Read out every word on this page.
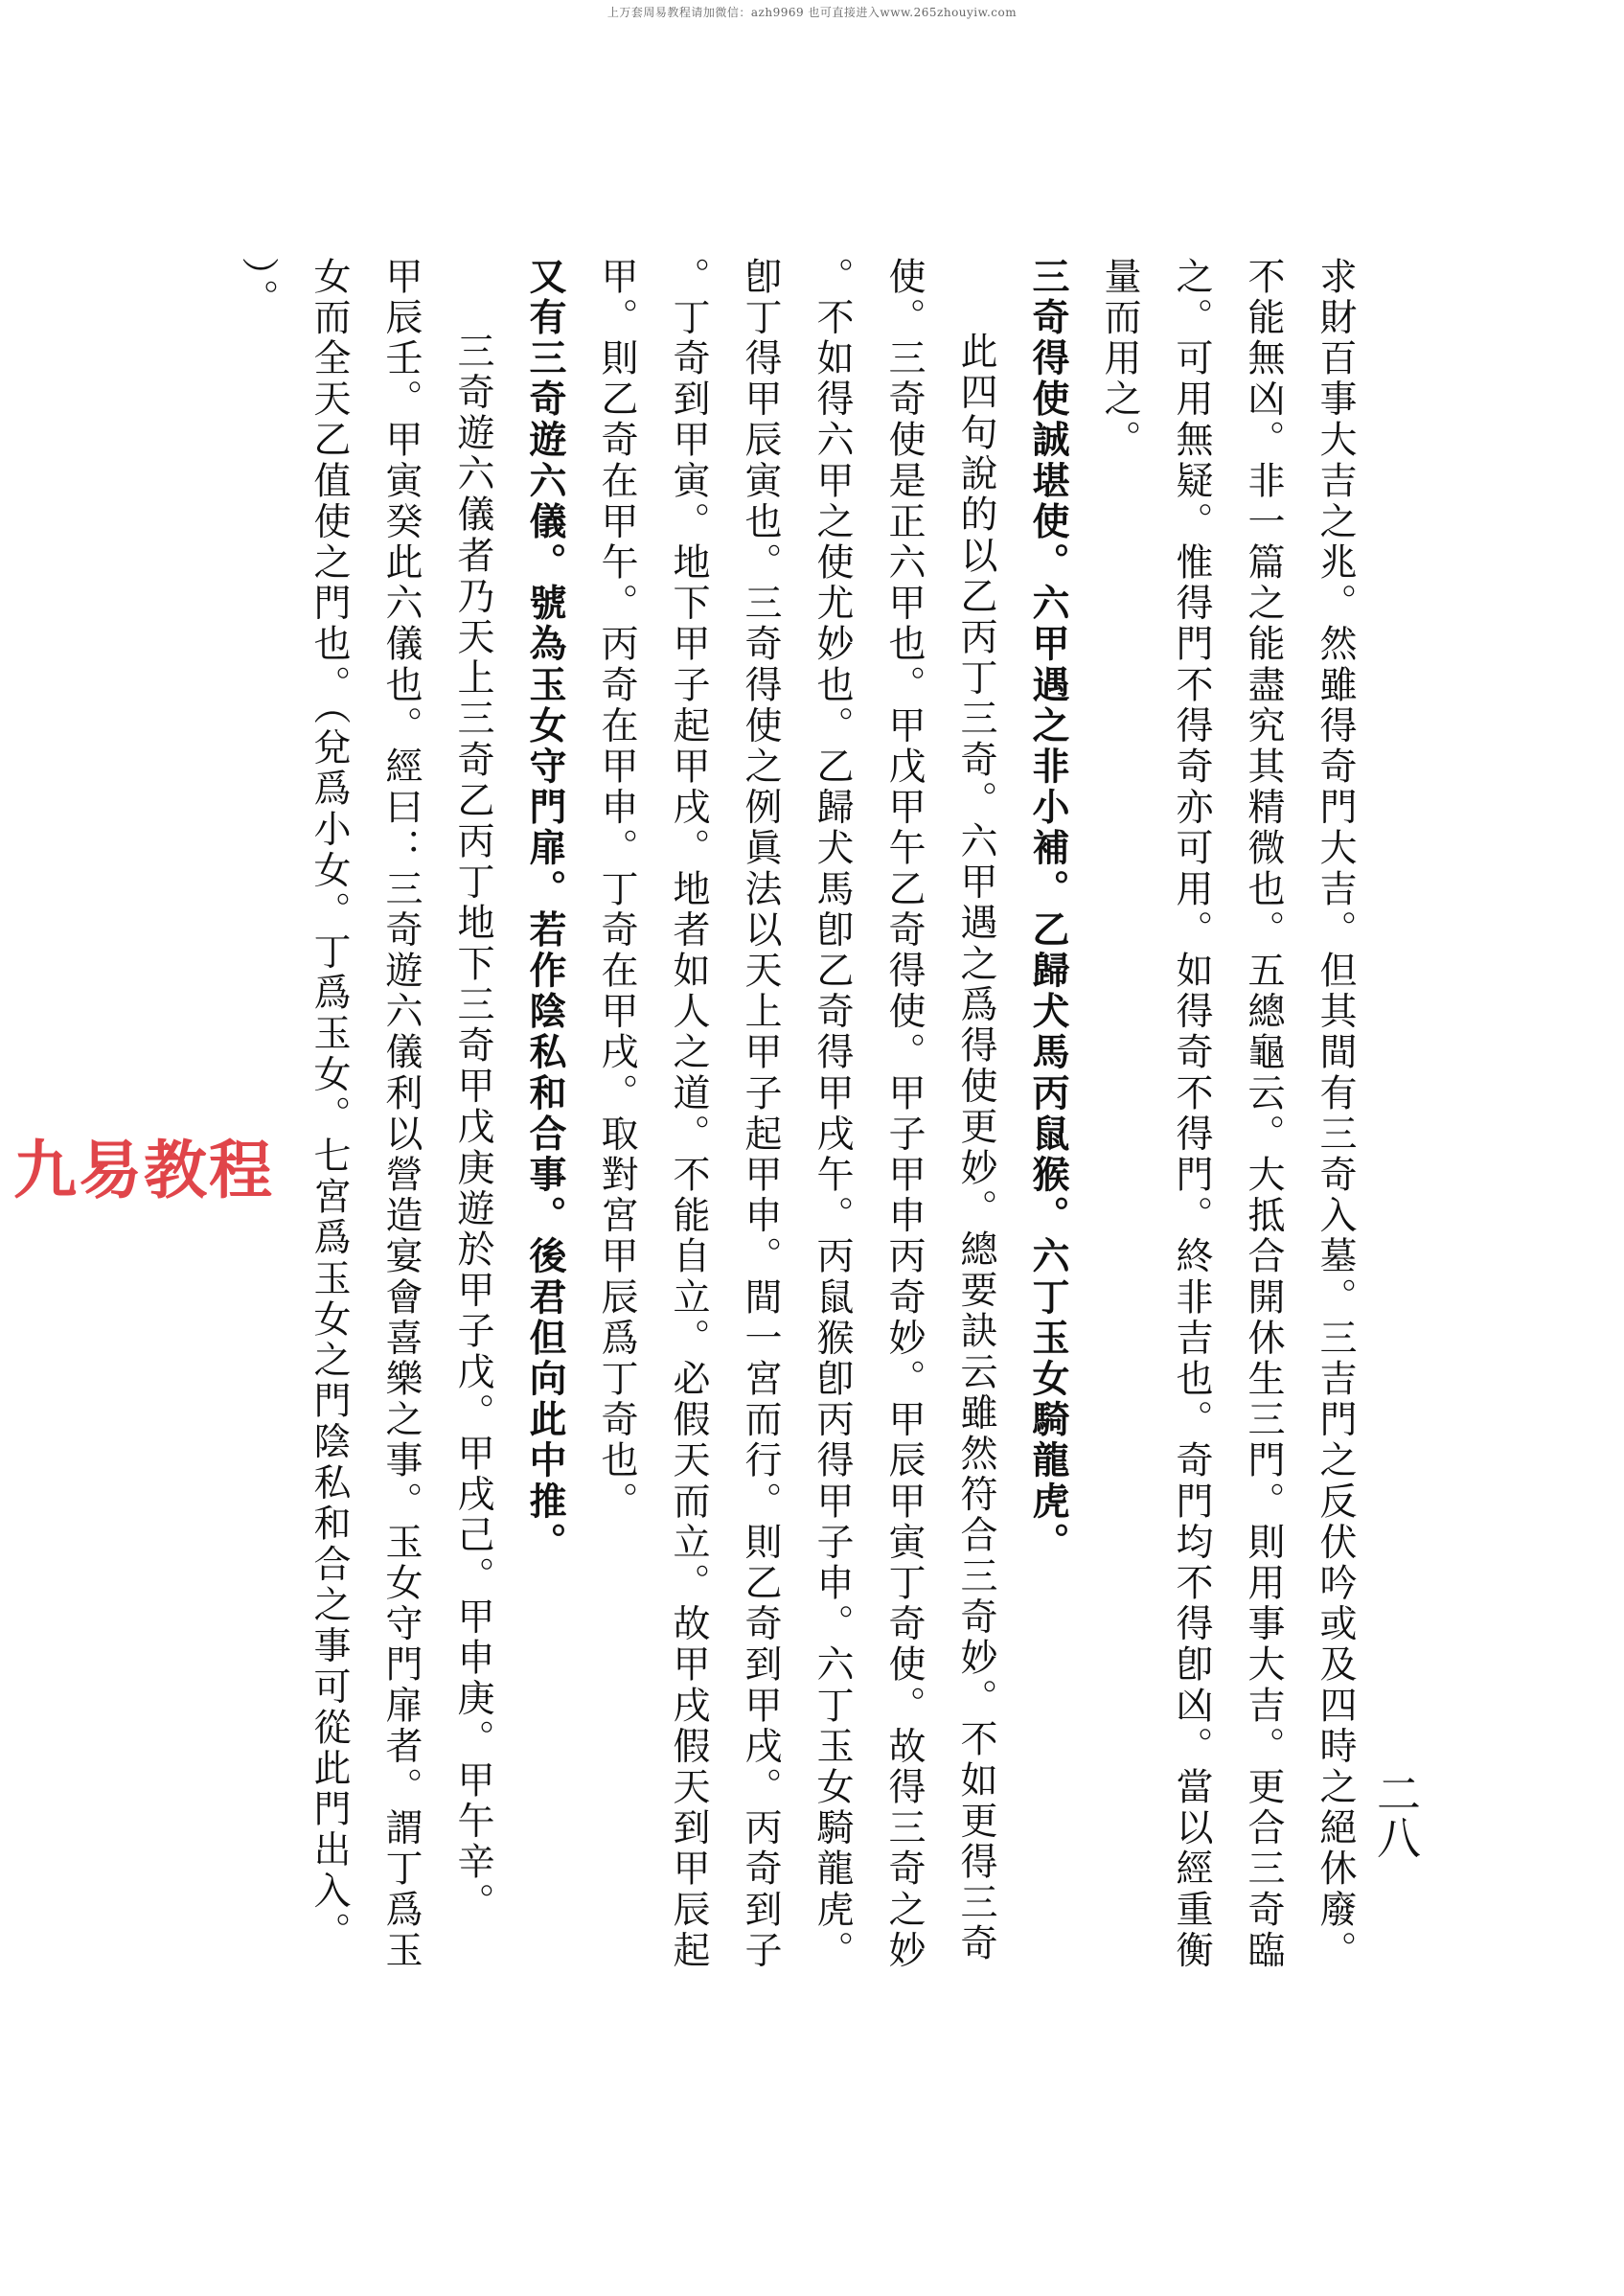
上万套周易教程请加微信：azh9969 也可直接进入www.265zhouyiw.com
二八
九易教程	求財百事大吉之兆。然雖得奇門大吉。但其間有三奇入墓。三吉門之反伏吟或及四時之絕休廢。
不能無凶。非一篇之能盡究其精微也。五總龜云。大抵合開休生三門。則用事大吉。更合三奇臨
之。可用無疑。惟得門不得奇亦可用。如得奇不得門。終非吉也。奇門均不得卽凶。當以經重衡
量而用之。
三奇得使誠堪使。六甲遇之非小補。乙歸犬馬丙鼠猴。六丁玉女騎龍虎。
此四句說的以乙丙丁三奇。六甲遇之爲得使更妙。總要訣云雖然符合三奇妙。不如更得三奇
使。三奇使是正六甲也。甲戊甲午乙奇得使。甲子甲申丙奇妙。甲辰甲寅丁奇使。故得三奇之妙
。不如得六甲之使尤妙也。乙歸犬馬卽乙奇得甲戌午。丙鼠猴卽丙得甲子申。六丁玉女騎龍虎。
卽丁得甲辰寅也。三奇得使之例眞法以天上甲子起甲申。間一宮而行。則乙奇到甲戌。丙奇到子
。丁奇到甲寅。地下甲子起甲戌。地者如人之道。不能自立。必假天而立。故甲戌假天到甲辰起
甲。則乙奇在甲午。丙奇在甲申。丁奇在甲戌。取對宮甲辰爲丁奇也。
又有三奇遊六儀。號為玉女守門扉。若作陰私和合事。後君但向此中推。
三奇遊六儀者乃天上三奇乙丙丁地下三奇甲戊庚遊於甲子戊。甲戌己。甲申庚。甲午辛。
甲辰壬。甲寅癸此六儀也。經曰：三奇遊六儀利以營造宴會喜樂之事。玉女守門扉者。謂丁爲玉
女而全天乙值使之門也。（兌爲小女。丁爲玉女。七宮爲玉女之門陰私和合之事可從此門出入。
）。
